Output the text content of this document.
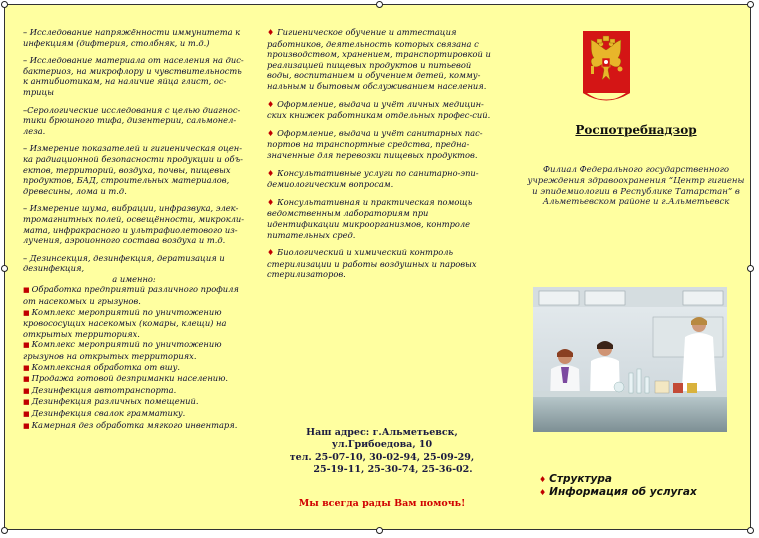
– Исследование напряжённости иммунитета к инфекциям (дифтерия, столбняк, и т.д.)

– Исследование материала от населения на дис-бактериоз, на микрофлору и чувствительность к антибиотикам, на наличие яйца глист, ос-трицы

–Серологические исследования с целью диагнос-тики брюшного тифа, дизентерии, сальмонел-леза.

– Измерение показателей и гигиеническая оцен-ка радиационной безопасности продукции и объ-ектов, территорий, воздуха, почвы, пищевых продуктов, БАД, строительных материалов, древесины, лома и т.д.

– Измерение шума, вибрации, инфразвука, элек-тромагнитных полей, освещённости, микрокли-мата, инфракрасного и ультрафиолетового из-лучения, аэроионного состава воздуха и т.д.

– Дезинсекция, дезинфекция, дератизация и дезинфекция,

а именно:

■ Обработка предприятий различного профиля от насекомых и грызунов.

■ Комплекс мероприятий по уничтожению кровососущих насекомых (комары, клещи) на открытых территориях.

■ Комплекс мероприятий по уничтожению грызунов на открытых территориях.

■ Комплексная обработка от вшу.

■ Продажа готовой дезприманки населению.

■ Дезинфекция автотранспорта.

■ Дезинфекция различных помещений.

■ Дезинфекция свалок грамматику.

■ Камерная дез обработка мягкого инвентаря.

♦ Гигиеническое обучение и аттестация работников, деятельность которых связана с производством, хранением, транспортировкой и реализацией пищевых продуктов и питьевой воды, воспитанием и обучением детей, комму-нальным и бытовым обслуживанием населения.

♦ Оформление, выдача и учёт личных медицин-ских книжек работникам отдельных профес-сий.

♦ Оформление, выдача и учёт санитарных пас-портов на транспортные средства, предна-значенные для перевозки пищевых продуктов.

♦ Консультативные услуги по санитарно-эпи-демиологическим вопросам.

♦ Консультативная и практическая помощь ведомственным лабораториям при идентификации микроорганизмов, контроле питательных сред.

♦ Биологический и химический контроль стерилизации и работы воздушных и паровых стерилизаторов.

Наш адрес: г.Альметьевск,
ул.Грибоедова, 10
тел. 25-07-10, 30-02-94, 25-09-29,
25-19-11, 25-30-74, 25-36-02.
Мы всегда рады Вам помочь!
Роспотребнадзор
Филиал Федерального государственного учреждения здравоохранения “Центр гигиены и эпидемиологии в Республике Татарстан” в Альметьевском районе и г.Альметьевск
♦ Структура
♦ Информация об услугах
